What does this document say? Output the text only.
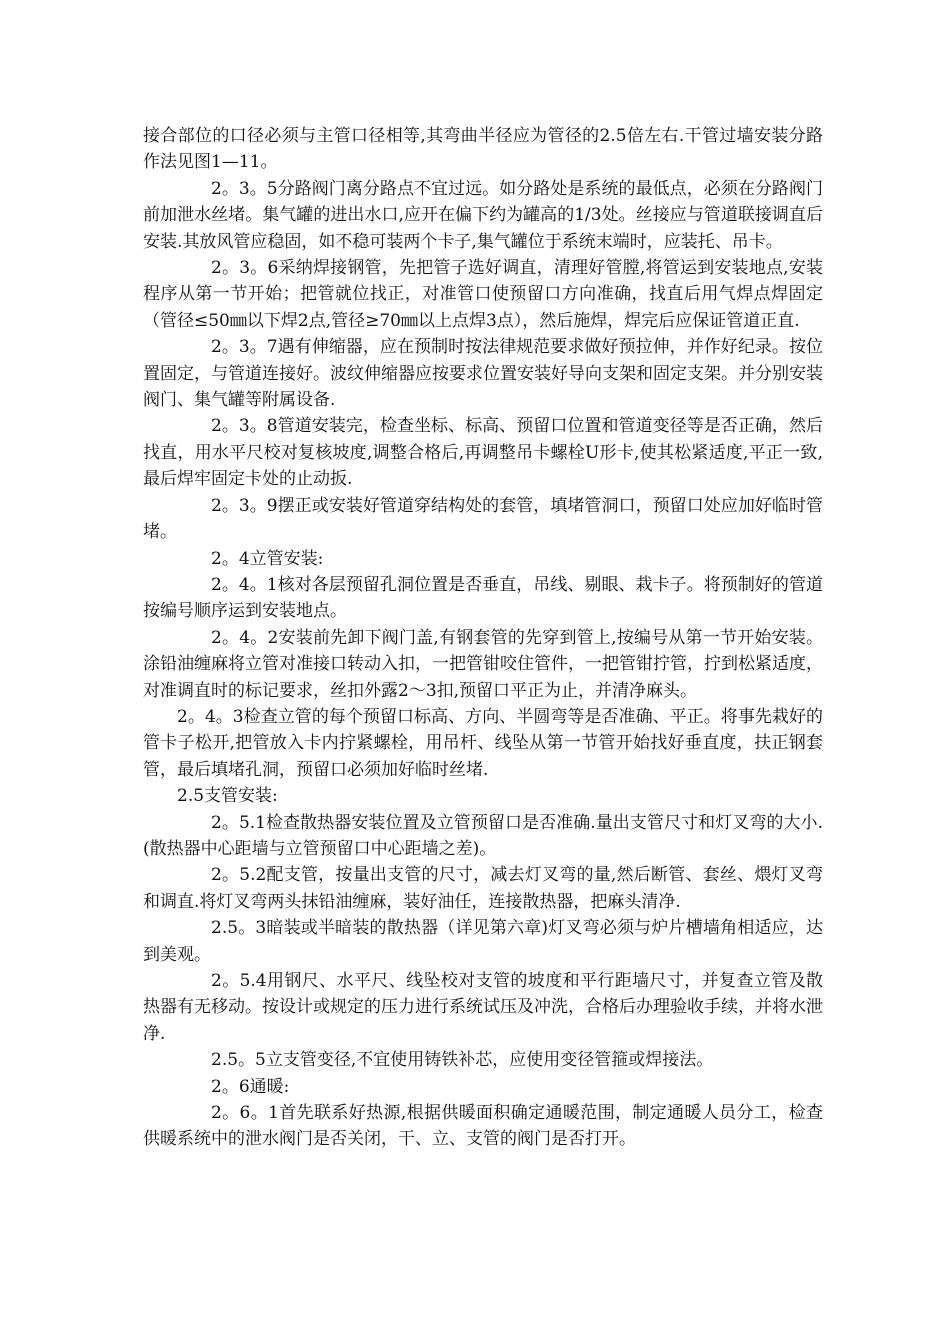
接合部位的口径必须与主管口径相等,其弯曲半径应为管径的2.5倍左右.干管过墙安装分路作法见图1—11。

2。3。5分路阀门离分路点不宜过远。如分路处是系统的最低点，必须在分路阀门前加泄水丝堵。集气罐的进出水口,应开在偏下约为罐高的1/3处。丝接应与管道联接调直后安装.其放风管应稳固，如不稳可装两个卡子,集气罐位于系统末端时，应装托、吊卡。

2。3。6采纳焊接钢管，先把管子选好调直，清理好管膛,将管运到安装地点,安装程序从第一节开始；把管就位找正，对准管口使预留口方向准确，找直后用气焊点焊固定（管径≤50㎜以下焊2点,管径≥70㎜以上点焊3点），然后施焊，焊完后应保证管道正直.

2。3。7遇有伸缩器，应在预制时按法律规范要求做好预拉伸，并作好纪录。按位置固定，与管道连接好。波纹伸缩器应按要求位置安装好导向支架和固定支架。并分别安装阀门、集气罐等附属设备.

2。3。8管道安装完，检查坐标、标高、预留口位置和管道变径等是否正确，然后找直，用水平尺校对复核坡度,调整合格后,再调整吊卡螺栓U形卡,使其松紧适度,平正一致,最后焊牢固定卡处的止动扳.

2。3。9摆正或安装好管道穿结构处的套管，填堵管洞口，预留口处应加好临时管堵。

2。4立管安装:

2。4。1核对各层预留孔洞位置是否垂直，吊线、剔眼、栽卡子。将预制好的管道按编号顺序运到安装地点。

2。4。2安装前先卸下阀门盖,有钢套管的先穿到管上,按编号从第一节开始安装。涂铅油缠麻将立管对准接口转动入扣，一把管钳咬住管件，一把管钳拧管，拧到松紧适度，对准调直时的标记要求，丝扣外露2～3扣,预留口平正为止，并清净麻头。

2。4。3检查立管的每个预留口标高、方向、半圆弯等是否准确、平正。将事先栽好的管卡子松开,把管放入卡内拧紧螺栓，用吊杆、线坠从第一节管开始找好垂直度，扶正钢套管，最后填堵孔洞，预留口必须加好临时丝堵.

2.5支管安装:

2。5.1检查散热器安装位置及立管预留口是否准确.量出支管尺寸和灯叉弯的大小.(散热器中心距墙与立管预留口中心距墙之差)。

2。5.2配支管，按量出支管的尺寸，减去灯叉弯的量,然后断管、套丝、煨灯叉弯和调直.将灯叉弯两头抹铅油缠麻，装好油任，连接散热器，把麻头清净.

2.5。3暗装或半暗装的散热器（详见第六章)灯叉弯必须与炉片槽墙角相适应，达到美观。

2。5.4用钢尺、水平尺、线坠校对支管的坡度和平行距墙尺寸，并复查立管及散热器有无移动。按设计或规定的压力进行系统试压及冲洗，合格后办理验收手续，并将水泄净.

2.5。5立支管变径,不宜使用铸铁补芯，应使用变径管箍或焊接法。

2。6通暖:

2。6。1首先联系好热源,根据供暖面积确定通暖范围，制定通暖人员分工，检查供暖系统中的泄水阀门是否关闭，干、立、支管的阀门是否打开。
